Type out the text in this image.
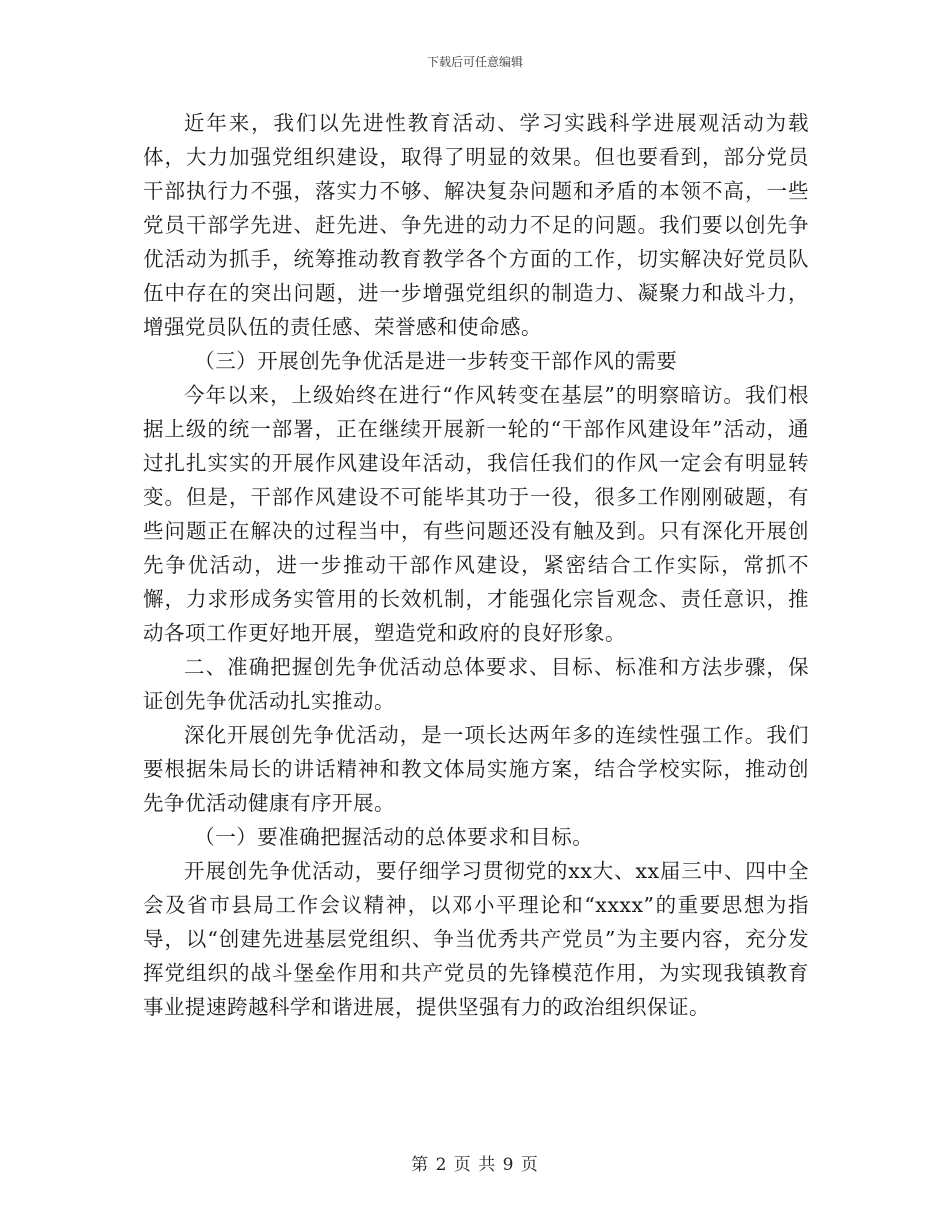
下载后可任意编辑

近年来，我们以先进性教育活动、学习实践科学进展观活动为载体，大力加强党组织建设，取得了明显的效果。但也要看到，部分党员干部执行力不强，落实力不够、解决复杂问题和矛盾的本领不高，一些党员干部学先进、赶先进、争先进的动力不足的问题。我们要以创先争优活动为抓手，统筹推动教育教学各个方面的工作，切实解决好党员队伍中存在的突出问题，进一步增强党组织的制造力、凝聚力和战斗力，增强党员队伍的责任感、荣誉感和使命感。

（三）开展创先争优活是进一步转变干部作风的需要

今年以来，上级始终在进行“作风转变在基层”的明察暗访。我们根据上级的统一部署，正在继续开展新一轮的“干部作风建设年”活动，通过扎扎实实的开展作风建设年活动，我信任我们的作风一定会有明显转变。但是，干部作风建设不可能毕其功于一役，很多工作刚刚破题，有些问题正在解决的过程当中，有些问题还没有触及到。只有深化开展创先争优活动，进一步推动干部作风建设，紧密结合工作实际，常抓不懈，力求形成务实管用的长效机制，才能强化宗旨观念、责任意识，推动各项工作更好地开展，塑造党和政府的良好形象。

二、准确把握创先争优活动总体要求、目标、标准和方法步骤，保证创先争优活动扎实推动。

深化开展创先争优活动，是一项长达两年多的连续性强工作。我们要根据朱局长的讲话精神和教文体局实施方案，结合学校实际，推动创先争优活动健康有序开展。

（一）要准确把握活动的总体要求和目标。

开展创先争优活动，要仔细学习贯彻党的xx大、xx届三中、四中全会及省市县局工作会议精神，以邓小平理论和“xxxx”的重要思想为指导，以“创建先进基层党组织、争当优秀共产党员”为主要内容，充分发挥党组织的战斗堡垒作用和共产党员的先锋模范作用，为实现我镇教育事业提速跨越科学和谐进展，提供坚强有力的政治组织保证。

第 2 页 共 9 页
